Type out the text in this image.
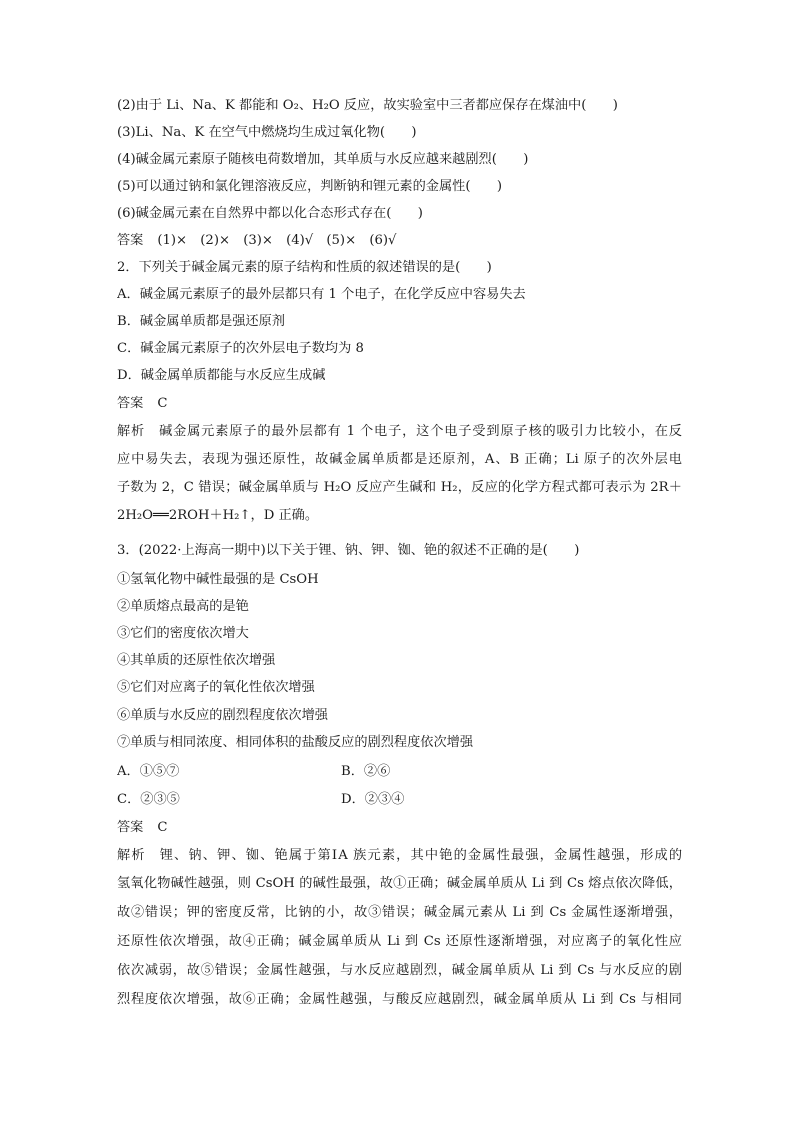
(2)由于 Li、Na、K 都能和 O₂、H₂O 反应，故实验室中三者都应保存在煤油中(　　)
(3)Li、Na、K 在空气中燃烧均生成过氧化物(　　)
(4)碱金属元素原子随核电荷数增加，其单质与水反应越来越剧烈(　　)
(5)可以通过钠和氯化锂溶液反应，判断钠和锂元素的金属性(　　)
(6)碱金属元素在自然界中都以化合态形式存在(　　)
答案 (1)×　(2)×　(3)×　(4)√　(5)×　(6)√
2．下列关于碱金属元素的原子结构和性质的叙述错误的是(　　)
A．碱金属元素原子的最外层都只有 1 个电子，在化学反应中容易失去
B．碱金属单质都是强还原剂
C．碱金属元素原子的次外层电子数均为 8
D．碱金属单质都能与水反应生成碱
答案 C
解析 碱金属元素原子的最外层都有 1 个电子，这个电子受到原子核的吸引力比较小，在反
应中易失去，表现为强还原性，故碱金属单质都是还原剂，A、B 正确；Li 原子的次外层电
子数为 2，C 错误；碱金属单质与 H₂O 反应产生碱和 H₂，反应的化学方程式都可表示为 2R＋
2H₂O══2ROH＋H₂↑，D 正确。
3．(2022·上海高一期中)以下关于锂、钠、钾、铷、铯的叙述不正确的是(　　)
①氢氧化物中碱性最强的是 CsOH
②单质熔点最高的是铯
③它们的密度依次增大
④其单质的还原性依次增强
⑤它们对应离子的氧化性依次增强
⑥单质与水反应的剧烈程度依次增强
⑦单质与相同浓度、相同体积的盐酸反应的剧烈程度依次增强
A．①⑤⑦	B．②⑥
C．②③⑤	D．②③④
答案 C
解析 锂、钠、钾、铷、铯属于第ⅠA 族元素，其中铯的金属性最强，金属性越强，形成的
氢氧化物碱性越强，则 CsOH 的碱性最强，故①正确；碱金属单质从 Li 到 Cs 熔点依次降低，
故②错误；钾的密度反常，比钠的小，故③错误；碱金属元素从 Li 到 Cs 金属性逐渐增强，
还原性依次增强，故④正确；碱金属单质从 Li 到 Cs 还原性逐渐增强，对应离子的氧化性应
依次减弱，故⑤错误；金属性越强，与水反应越剧烈，碱金属单质从 Li 到 Cs 与水反应的剧
烈程度依次增强，故⑥正确；金属性越强，与酸反应越剧烈，碱金属单质从 Li 到 Cs 与相同
